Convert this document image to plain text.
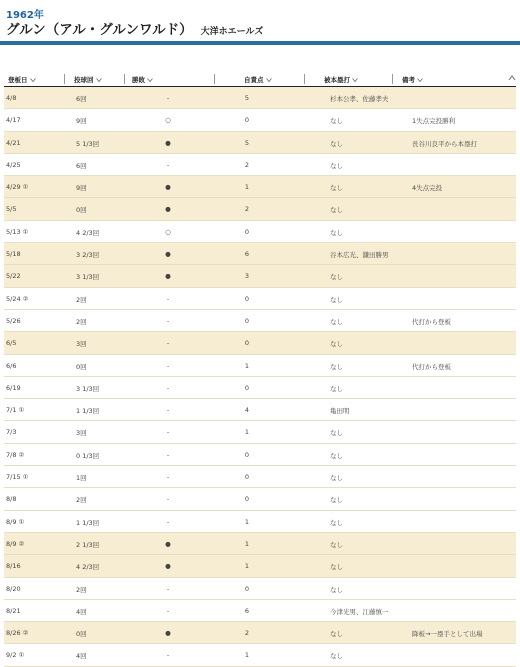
1962年
グルン（アル・グルンワルド） 大洋ホエールズ
登板日	投球回	勝敗	自責点	被本塁打	備考
4/8	6回	-	5	杉本公孝、佐藤孝夫
4/17	9回	○	0	なし	1失点完投勝利
4/21	5 1/3回	●	5	なし	長谷川良平から本塁打
4/25	6回	-	2	なし
4/29 ①	9回	●	1	なし	4失点完投
5/5	0回	●	2	なし
5/13 ①	4 2/3回	○	0	なし
5/18	3 2/3回	●	6	谷本広光、鎌田勝男
5/22	3 1/3回	●	3	なし
5/24 ②	2回	-	0	なし
5/26	2回	-	0	なし	代打から登板
6/5	3回	-	0	なし
6/6	0回	-	1	なし	代打から登板
6/19	3 1/3回	-	0	なし
7/1 ①	1 1/3回	-	4	亀田明
7/3	3回	-	1	なし
7/8 ②	0 1/3回	-	0	なし
7/15 ①	1回	-	0	なし
8/8	2回	-	0	なし
8/9 ①	1 1/3回	-	1	なし
8/9 ②	2 1/3回	●	1	なし
8/16	4 2/3回	●	1	なし
8/20	2回	-	0	なし
8/21	4回	-	6	今津光男、江藤慎一
8/26 ②	0回	●	2	なし	降板→一塁手として出場
9/2 ①	4回	-	1	なし
